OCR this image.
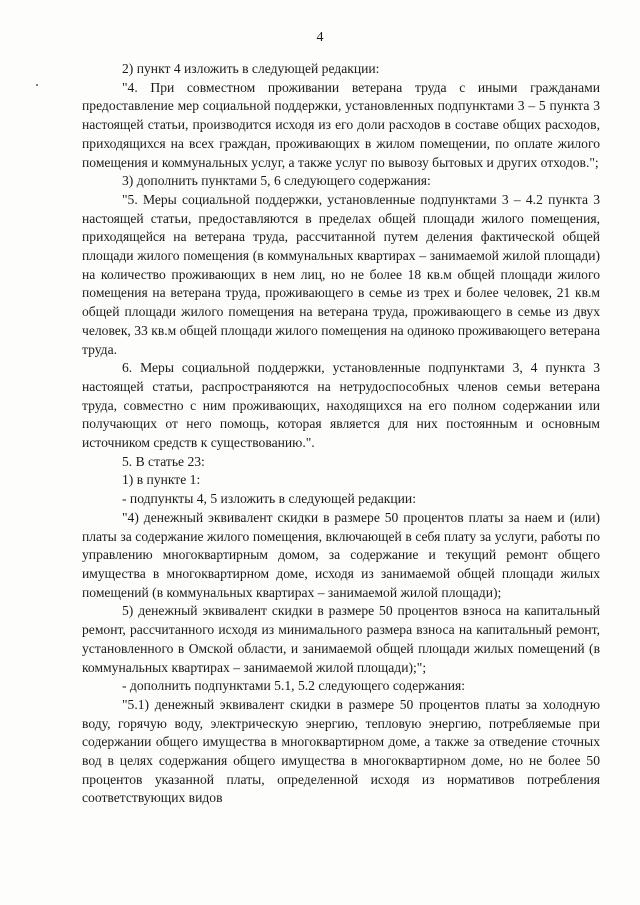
4

2) пункт 4 изложить в следующей редакции:

"4. При совместном проживании ветерана труда с иными гражданами предоставление мер социальной поддержки, установленных подпунктами 3 – 5 пункта 3 настоящей статьи, производится исходя из его доли расходов в составе общих расходов, приходящихся на всех граждан, проживающих в жилом помещении, по оплате жилого помещения и коммунальных услуг, а также услуг по вывозу бытовых и других отходов.";

3) дополнить пунктами 5, 6 следующего содержания:

"5. Меры социальной поддержки, установленные подпунктами 3 – 4.2 пункта 3 настоящей статьи, предоставляются в пределах общей площади жилого помещения, приходящейся на ветерана труда, рассчитанной путем деления фактической общей площади жилого помещения (в коммунальных квартирах – занимаемой жилой площади) на количество проживающих в нем лиц, но не более 18 кв.м общей площади жилого помещения на ветерана труда, проживающего в семье из трех и более человек, 21 кв.м общей площади жилого помещения на ветерана труда, проживающего в семье из двух человек, 33 кв.м общей площади жилого помещения на одиноко проживающего ветерана труда.

6. Меры социальной поддержки, установленные подпунктами 3, 4 пункта 3 настоящей статьи, распространяются на нетрудоспособных членов семьи ветерана труда, совместно с ним проживающих, находящихся на его полном содержании или получающих от него помощь, которая является для них постоянным и основным источником средств к существованию.".

5. В статье 23:

1) в пункте 1:

- подпункты 4, 5 изложить в следующей редакции:

"4) денежный эквивалент скидки в размере 50 процентов платы за наем и (или) платы за содержание жилого помещения, включающей в себя плату за услуги, работы по управлению многоквартирным домом, за содержание и текущий ремонт общего имущества в многоквартирном доме, исходя из занимаемой общей площади жилых помещений (в коммунальных квартирах – занимаемой жилой площади);

5) денежный эквивалент скидки в размере 50 процентов взноса на капитальный ремонт, рассчитанного исходя из минимального размера взноса на капитальный ремонт, установленного в Омской области, и занимаемой общей площади жилых помещений (в коммунальных квартирах – занимаемой жилой площади);";

- дополнить подпунктами 5.1, 5.2 следующего содержания:

"5.1) денежный эквивалент скидки в размере 50 процентов платы за холодную воду, горячую воду, электрическую энергию, тепловую энергию, потребляемые при содержании общего имущества в многоквартирном доме, а также за отведение сточных вод в целях содержания общего имущества в многоквартирном доме, но не более 50 процентов указанной платы, определенной исходя из нормативов потребления соответствующих видов
